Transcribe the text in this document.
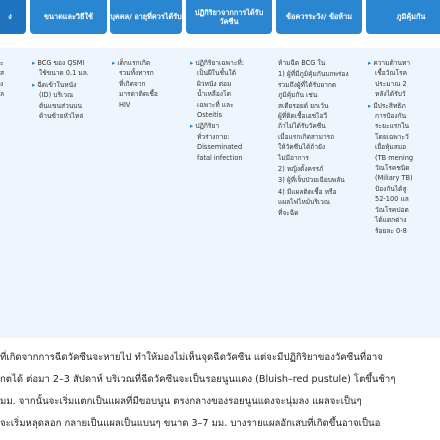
ง	ขนาดและวิธีใช้ บุคคล/ อายุที่ควรได้รับ
ปฏิกิริยาจากการได้รับวัคซีน
ข้อควรระวัง/ ข้อห้าม	ภูมิคุ้มกัน
ะ
ส
ง
ล
▸ BCG ของ QSMI
ใช้ขนาด 0.1 มล.
▸ ฉีดเข้าในหนัง
(ID) บริเวณ
ต้นแขนส่วนบน
ด้านซ้ายหัวไหล่
▸ เด็กแรกเกิด
รวมทั้งทารก
ที่เกิดจาก
มารดาติดเชื้อ
HIV
▸ ปฏิกิริยาเฉพาะที่:
เป็นฝีในชั้นใต้
ผิวหนัง ต่อม
น้ำเหลืองโต
เฉพาะที่ และ
Osteitis
▸ ปฏิกิริยา
ทั่วร่างกาย:
Disseminated
fatal infection
ห้ามฉีด BCG ใน
1) ผู้ที่มีภูมิคุ้มกันบกพร่อง
รวมถึงผู้ที่ได้รับยากด
ภูมิคุ้มกัน เช่น
สเตียรอยด์ ยกเว้น
ผู้ที่ติดเชื้อเอชไอวี
ถ้าไม่ได้รับวัคซีน
เมื่อแรกเกิดสามารถ
ให้วัคซีนได้ถ้ายัง
ไม่มีอาการ
2) หญิงตั้งครรภ์
3) ผู้ที่เจ็บป่วยเฉียบพลัน
4) มีแผลติดเชื้อ หรือ
แผลไฟไหม้บริเวณ
ที่จะฉีด
▸ ความต้านทา
เชื้อวัณโรค
ประมาณ 2
หลังได้รับวั
▸ มีประสิทธิภ
การป้องกัน
ระยะแรกใน
โดยเฉพาะวั
เยื่อหุ้มสมอ
(TB mening
วัณโรคชนิด
(Miliary TB)
ป้องกันได้สู
52-100 แล
วัณโรคปอด
ได้แตกต่าง
ร้อยละ 0-8
ที่เกิดจากการฉีดวัคซีนจะหายไป ทำให้มองไม่เห็นจุดฉีดวัคซีน แต่จะมีปฏิกิริยาของวัคซีนที่อาจ
กตได้ ต่อมา 2–3 สัปดาห์ บริเวณที่ฉีดวัคซีนจะเป็นรอยนูนแดง (Bluish–red pustule) โตขึ้นช้าๆ
มม. จากนั้นจะเริ่มแตกเป็นแผลที่มีขอบนูน ตรงกลางของรอยนูนแดงจะนุ่มลง แผลจะเป็นๆ
จะเริ่มหลุดลอก กลายเป็นแผลเป็นแบนๆ ขนาด 3–7 มม. บางรายแผลอักเสบที่เกิดขึ้นอาจเป็นอ
